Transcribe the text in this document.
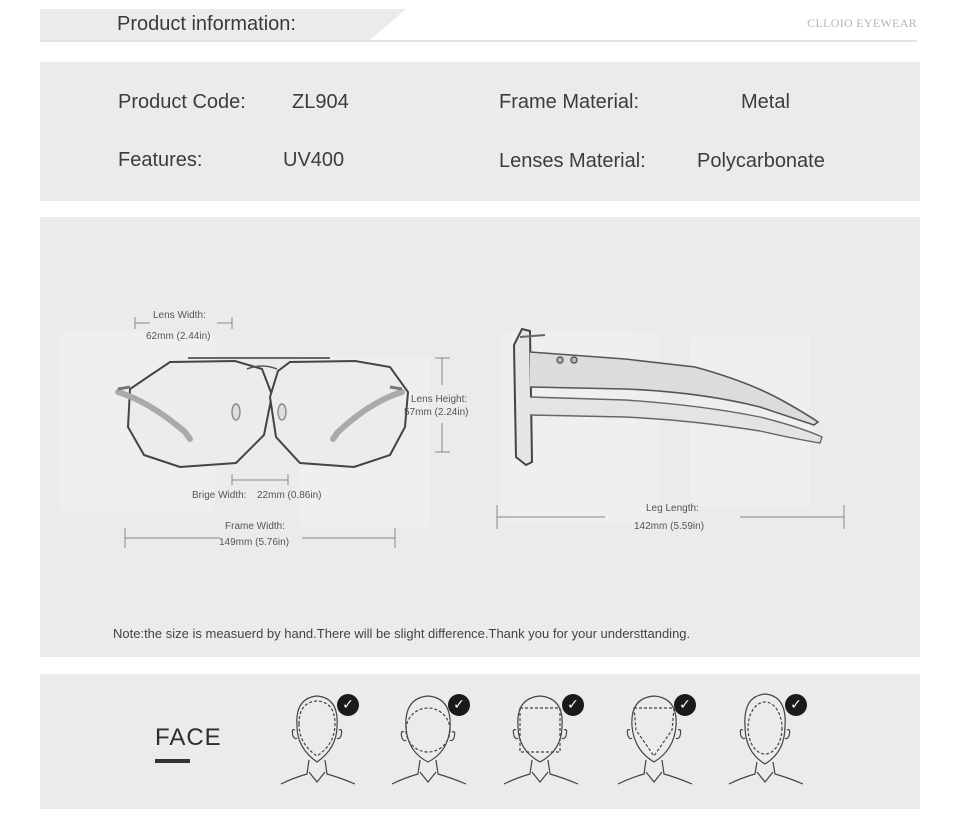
Product information:	CLLOIO EYEWEAR
Product Code: ZL904
Features:	UV400
Frame Material:	Metal
Lenses Material:	Polycarbonate
Lens Width:
62mm (2.44in)
Lens Height:
57mm (2.24in)
Brige Width: 22mm (0.86in)
Frame Width:
149mm (5.76in)
Leg Length:
142mm (5.59in)
Note:the size is measuerd by hand.There will be slight difference.Thank you for your understtanding.
FACE
✓	✓	✓	✓	✓
